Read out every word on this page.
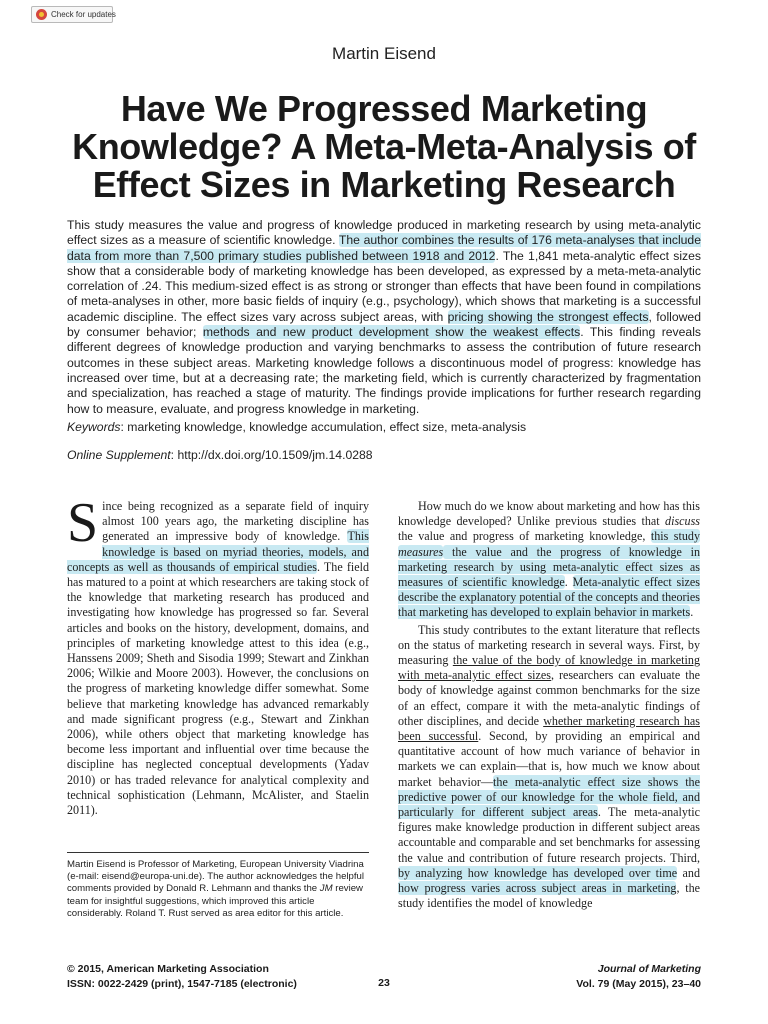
Check for updates
Martin Eisend
Have We Progressed Marketing Knowledge? A Meta-Meta-Analysis of Effect Sizes in Marketing Research
This study measures the value and progress of knowledge produced in marketing research by using meta-analytic effect sizes as a measure of scientific knowledge. The author combines the results of 176 meta-analyses that include data from more than 7,500 primary studies published between 1918 and 2012. The 1,841 meta-analytic effect sizes show that a considerable body of marketing knowledge has been developed, as expressed by a meta-meta-analytic correlation of .24. This medium-sized effect is as strong or stronger than effects that have been found in compilations of meta-analyses in other, more basic fields of inquiry (e.g., psychology), which shows that marketing is a successful academic discipline. The effect sizes vary across subject areas, with pricing showing the strongest effects, followed by consumer behavior; methods and new product development show the weakest effects. This finding reveals different degrees of knowledge production and varying benchmarks to assess the contribution of future research outcomes in these subject areas. Marketing knowledge follows a discontinuous model of progress: knowledge has increased over time, but at a decreasing rate; the marketing field, which is currently characterized by fragmentation and specialization, has reached a stage of maturity. The findings provide implications for further research regarding how to measure, evaluate, and progress knowledge in marketing.
Keywords: marketing knowledge, knowledge accumulation, effect size, meta-analysis
Online Supplement: http://dx.doi.org/10.1509/jm.14.0288

Since being recognized as a separate field of inquiry almost 100 years ago, the marketing discipline has generated an impressive body of knowledge. This knowledge is based on myriad theories, models, and concepts as well as thousands of empirical studies. The field has matured to a point at which researchers are taking stock of the knowledge that marketing research has produced and investigating how knowledge has progressed so far. Several articles and books on the history, development, domains, and principles of marketing knowledge attest to this idea (e.g., Hanssens 2009; Sheth and Sisodia 1999; Stewart and Zinkhan 2006; Wilkie and Moore 2003). However, the conclusions on the progress of marketing knowledge differ somewhat. Some believe that marketing knowledge has advanced remarkably and made significant progress (e.g., Stewart and Zinkhan 2006), while others object that marketing knowledge has become less important and influential over time because the discipline has neglected conceptual developments (Yadav 2010) or has traded relevance for analytical complexity and technical sophistication (Lehmann, McAlister, and Staelin 2011).

Martin Eisend is Professor of Marketing, European University Viadrina (e-mail: eisend@europa-uni.de). The author acknowledges the helpful comments provided by Donald R. Lehmann and thanks the JM review team for insightful suggestions, which improved this article considerably. Roland T. Rust served as area editor for this article.

How much do we know about marketing and how has this knowledge developed? Unlike previous studies that discuss the value and progress of marketing knowledge, this study measures the value and the progress of knowledge in marketing research by using meta-analytic effect sizes as measures of scientific knowledge. Meta-analytic effect sizes describe the explanatory potential of the concepts and theories that marketing has developed to explain behavior in markets.

This study contributes to the extant literature that reflects on the status of marketing research in several ways. First, by measuring the value of the body of knowledge in marketing with meta-analytic effect sizes, researchers can evaluate the body of knowledge against common benchmarks for the size of an effect, compare it with the meta-analytic findings of other disciplines, and decide whether marketing research has been successful. Second, by providing an empirical and quantitative account of how much variance of behavior in markets we can explain—that is, how much we know about market behavior—the meta-analytic effect size shows the predictive power of our knowledge for the whole field, and particularly for different subject areas. The meta-analytic figures make knowledge production in different subject areas accountable and comparable and set benchmarks for assessing the value and contribution of future research projects. Third, by analyzing how knowledge has developed over time and how progress varies across subject areas in marketing, the study identifies the model of knowledge

© 2015, American Marketing Association
ISSN: 0022-2429 (print), 1547-7185 (electronic)	23
Journal of Marketing
Vol. 79 (May 2015), 23–40
